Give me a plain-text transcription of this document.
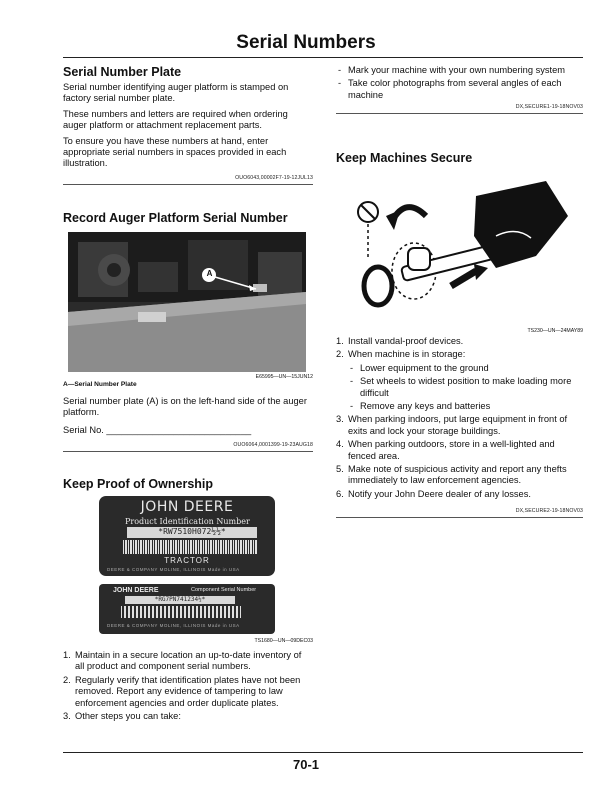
Serial Numbers
Serial Number Plate

Serial number identifying auger platform is stamped on factory serial number plate.

These numbers and letters are required when ordering auger platform or attachment replacement parts.

To ensure you have these numbers at hand, enter appropriate serial numbers in spaces provided in each illustration.

OUO6043,00002F7-19-12JUL13
Record Auger Platform Serial Number
A
E65995—UN—15JUN12
A—Serial Number Plate

Serial number plate (A) is on the left-hand side of the auger platform.

Serial No. ____________________________

OUO6064,0001399-19-23AUG18
Keep Proof of Ownership
JOHN DEERE
Product Identification Number
*RW7510H072½½*
TRACTOR
DEERE & COMPANY MOLINE, ILLINOIS Made in USA
JOHN DEERE	Component Serial Number
*RG7PN741234½*
DEERE & COMPANY MOLINE, ILLINOIS Made in USA
TS1680—UN—09DEC03
1. Maintain in a secure location an up-to-date inventory of all product and component serial numbers.
2. Regularly verify that identification plates have not been removed. Report any evidence of tampering to law enforcement agencies and order duplicate plates.
3. Other steps you can take:
- Mark your machine with your own numbering system
- Take color photographs from several angles of each machine
DX,SECURE1-19-18NOV03
Keep Machines Secure
TS230—UN—24MAY89
1. Install vandal-proof devices.
2. When machine is in storage:
- Lower equipment to the ground
- Set wheels to widest position to make loading more difficult
- Remove any keys and batteries
3. When parking indoors, put large equipment in front of exits and lock your storage buildings.
4. When parking outdoors, store in a well-lighted and fenced area.
5. Make note of suspicious activity and report any thefts immediately to law enforcement agencies.
6. Notify your John Deere dealer of any losses.
DX,SECURE2-19-18NOV03
70-1
